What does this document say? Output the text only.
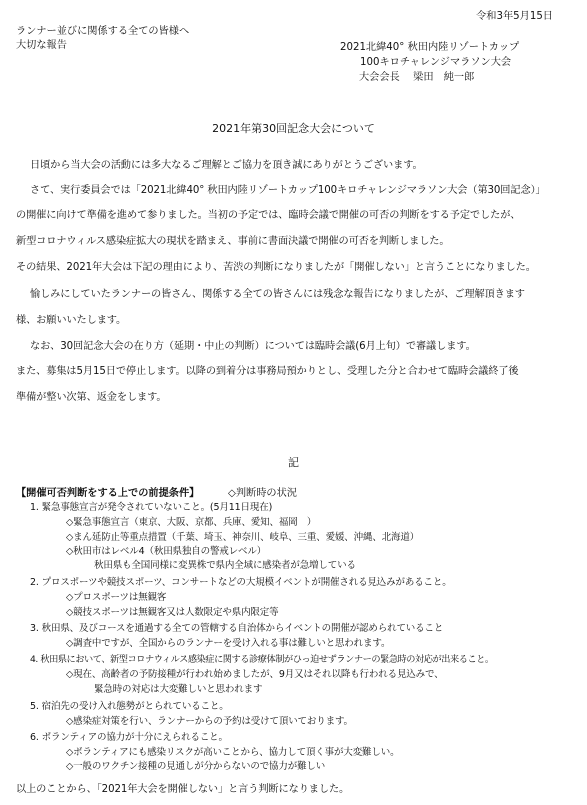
令和3年5月15日
ランナー並びに関係する全ての皆様へ
大切な報告	2021北緯40° 秋田内陸リゾートカップ
100キロチャレンジマラソン大会
大会会長　 梁田　純一郎
2021年第30回記念大会について
日頃から当大会の活動には多大なるご理解とご協力を頂き誠にありがとうございます。
さて、実行委員会では「2021北緯40° 秋田内陸リゾートカップ100キロチャレンジマラソン大会（第30回記念）」
の開催に向けて準備を進めて参りました。当初の予定では、臨時会議で開催の可否の判断をする予定でしたが、
新型コロナウィルス感染症拡大の現状を踏まえ、事前に書面決議で開催の可否を判断しました。
その結果、2021年大会は下記の理由により、苦渋の判断になりましたが「開催しない」と言うことになりました。
愉しみにしていたランナーの皆さん、関係する全ての皆さんには残念な報告になりましたが、ご理解頂きます
様、お願いいたします。
なお、30回記念大会の在り方（延期・中止の判断）については臨時会議(6月上旬）で審議します。
また、募集は5月15日で停止します。以降の到着分は事務局預かりとし、受理した分と合わせて臨時会議終了後
準備が整い次第、返金をします。
記
【開催可否判断をする上での前提条件】	◇判断時の状況
1. 緊急事態宣言が発令されていないこと。(5月11日現在)
◇緊急事態宣言（東京、大阪、京都、兵庫、愛知、福岡　）
◇まん延防止等重点措置（千葉、埼玉、神奈川、岐阜、三重、愛媛、沖縄、北海道）
◇秋田市はレベル4（秋田県独自の警戒レベル）
秋田県も全国同様に変異株で県内全域に感染者が急増している
2. プロスポーツや競技スポーツ、コンサートなどの大規模イベントが開催される見込みがあること。
◇プロスポーツは無観客
◇競技スポーツは無観客又は人数限定や県内限定等
3. 秋田県、及びコースを通過する全ての管轄する自治体からイベントの開催が認められていること
◇調査中ですが、全国からのランナーを受け入れる事は難しいと思われます。
4. 秋田県において、新型コロナウィルス感染症に関する診療体制がひっ迫せずランナーの緊急時の対応が出来ること。
◇現在、高齢者の予防接種が行われ始めましたが、9月又はそれ以降も行われる見込みで、
緊急時の対応は大変難しいと思われます
5. 宿泊先の受け入れ態勢がとられていること。
◇感染症対策を行い、ランナーからの予約は受けて頂いております。
6. ボランティアの協力が十分にえられること。
◇ボランティアにも感染リスクが高いことから、協力して頂く事が大変難しい。
◇一般のワクチン接種の見通しが分からないので協力が難しい
以上のことから、「2021年大会を開催しない」と言う判断になりました。
